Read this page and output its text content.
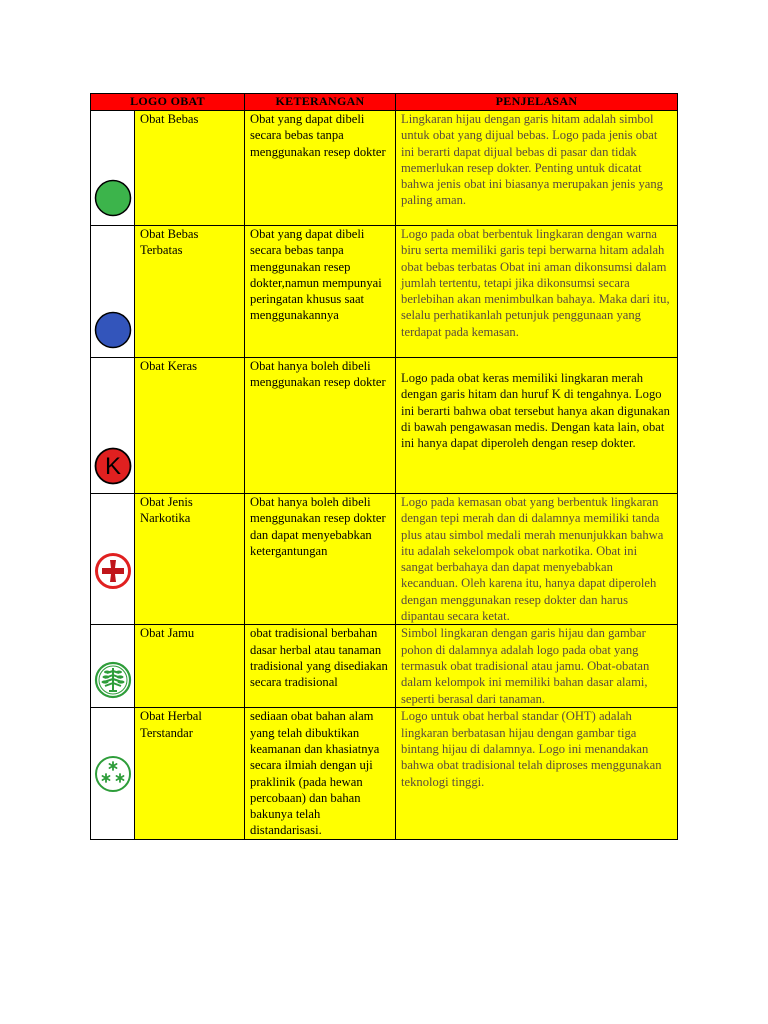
LOGO OBAT		KETERANGAN	PENJELASAN

	Obat Bebas	Obat yang dapat dibeli secara bebas tanpa menggunakan resep dokter	Lingkaran hijau dengan garis hitam adalah simbol untuk obat yang dijual bebas. Logo pada jenis obat ini berarti dapat dijual bebas di pasar dan tidak memerlukan resep dokter. Penting untuk dicatat bahwa jenis obat ini biasanya merupakan jenis yang paling aman.

	Obat Bebas Terbatas	Obat yang dapat dibeli secara bebas tanpa menggunakan resep dokter,namun mempunyai peringatan khusus saat menggunakannya	Logo pada obat berbentuk lingkaran dengan warna biru serta memiliki garis tepi berwarna hitam adalah obat bebas terbatas Obat ini aman dikonsumsi dalam jumlah tertentu, tetapi jika dikonsumsi secara berlebihan akan menimbulkan bahaya. Maka dari itu, selalu perhatikanlah petunjuk penggunaan yang terdapat pada kemasan.

K	Obat Keras	Obat hanya boleh dibeli menggunakan resep dokter	Logo pada obat keras memiliki lingkaran merah dengan garis hitam dan huruf K di tengahnya. Logo ini berarti bahwa obat tersebut hanya akan digunakan di bawah pengawasan medis. Dengan kata lain, obat ini hanya dapat diperoleh dengan resep dokter.

	Obat Jenis Narkotika	Obat hanya boleh dibeli menggunakan resep dokter dan dapat menyebabkan ketergantungan	Logo pada kemasan obat yang berbentuk lingkaran dengan tepi merah dan di dalamnya memiliki tanda plus atau simbol medali merah menunjukkan bahwa itu adalah sekelompok obat narkotika. Obat ini sangat berbahaya dan dapat menyebabkan kecanduan. Oleh karena itu, hanya dapat diperoleh dengan menggunakan resep dokter dan harus dipantau secara ketat.

	Obat Jamu	obat tradisional berbahan dasar herbal atau tanaman tradisional yang disediakan secara tradisional	Simbol lingkaran dengan garis hijau dan gambar pohon di dalamnya adalah logo pada obat yang termasuk obat tradisional atau jamu. Obat-obatan dalam kelompok ini memiliki bahan dasar alami, seperti berasal dari tanaman.

	Obat Herbal Terstandar	sediaan obat bahan alam yang telah dibuktikan keamanan dan khasiatnya secara ilmiah dengan uji praklinik (pada hewan percobaan) dan bahan bakunya telah distandarisasi.	Logo untuk obat herbal standar (OHT) adalah lingkaran berbatasan hijau dengan gambar tiga bintang hijau di dalamnya. Logo ini menandakan bahwa obat tradisional telah diproses menggunakan teknologi tinggi.
